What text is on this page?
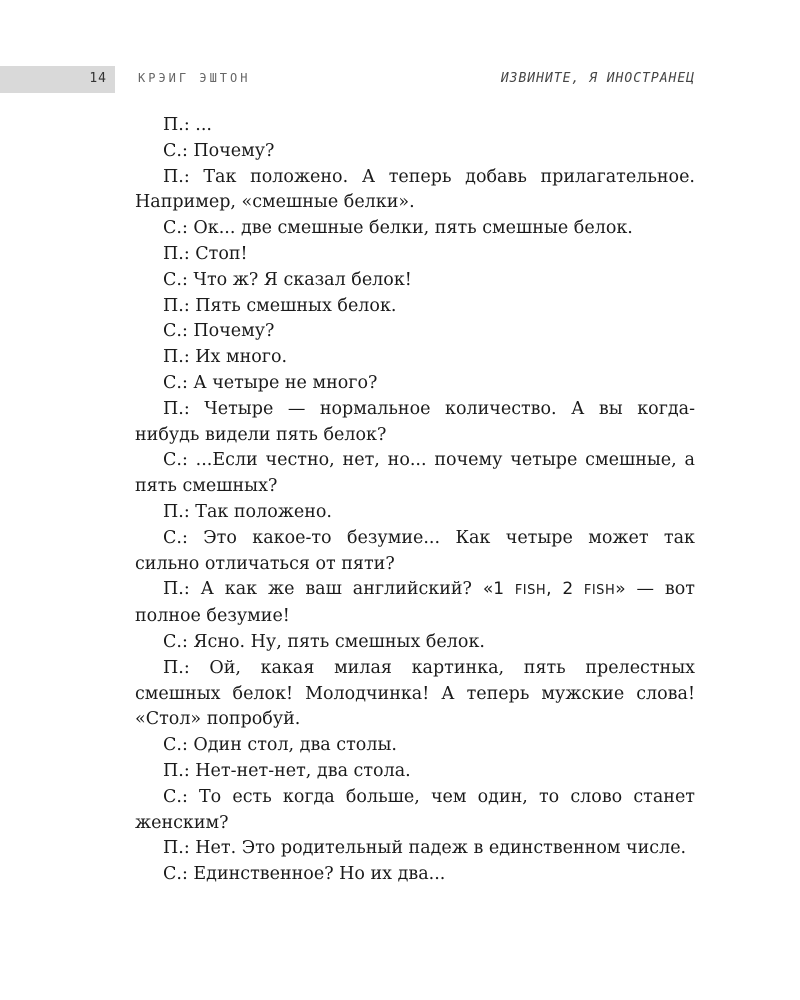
14	КРЭИГ ЭШТОН	ИЗВИНИТЕ, Я ИНОСТРАНЕЦ

П.: ...

С.: Почему?

П.: Так положено. А теперь добавь прилагательное. Например, «смешные белки».

С.: Ок... две смешные белки, пять смешные белок.

П.: Стоп!

С.: Что ж? Я сказал белок!

П.: Пять смешных белок.

С.: Почему?

П.: Их много.

С.: А четыре не много?

П.: Четыре — нормальное количество. А вы когда-нибудь видели пять белок?

С.: ...Если честно, нет, но... почему четыре смешные, а пять смешных?

П.: Так положено.

С.: Это какое-то безумие... Как четыре может так сильно отличаться от пяти?

П.: А как же ваш английский? «1 FISH, 2 FISH» — вот полное безумие!

С.: Ясно. Ну, пять смешных белок.

П.: Ой, какая милая картинка, пять прелестных смешных белок! Молодчинка! А теперь мужские слова! «Стол» попробуй.

С.: Один стол, два столы.

П.: Нет-нет-нет, два стола.

С.: То есть когда больше, чем один, то слово станет женским?

П.: Нет. Это родительный падеж в единственном числе.

С.: Единственное? Но их два...
